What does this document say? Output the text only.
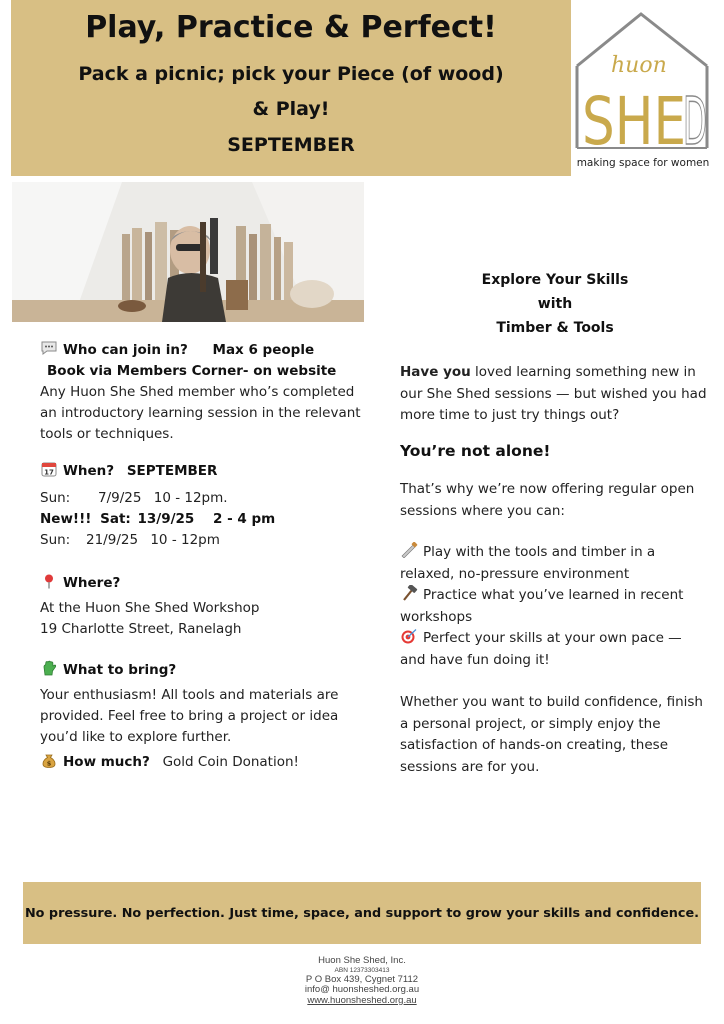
Play, Practice & Perfect!
Pack a picnic; pick your Piece (of wood)
& Play!
SEPTEMBER
huon
SHE
D
making space for women
Who can join in? Max 6 people
Book via Members Corner- on website
Any Huon She Shed member who’s completed an introductory learning session in the relevant tools or techniques.
17 When? SEPTEMBER
Sun: 7/9/25 10 - 12pm.
New!!! Sat: 13/9/25 2 - 4 pm
Sun: 21/9/25 10 - 12pm
Where?
At the Huon She Shed Workshop
19 Charlotte Street, Ranelagh
What to bring?
Your enthusiasm! All tools and materials are provided. Feel free to bring a project or idea you’d like to explore further.
$ How much? Gold Coin Donation!
Explore Your Skills
with
Timber & Tools
Have you loved learning something new in our She Shed sessions — but wished you had more time to just try things out?
You’re not alone!
That’s why we’re now offering regular open sessions where you can:
Play with the tools and timber in a relaxed, no-pressure environment
Practice what you’ve learned in recent workshops
Perfect your skills at your own pace — and have fun doing it!
Whether you want to build confidence, finish a personal project, or simply enjoy the satisfaction of hands-on creating, these sessions are for you.
No pressure. No perfection. Just time, space, and support to grow your skills and confidence.
Huon She Shed, Inc.
ABN 12373303413
P O Box 439, Cygnet 7112
info@ huonsheshed.org.au
www.huonsheshed.org.au
